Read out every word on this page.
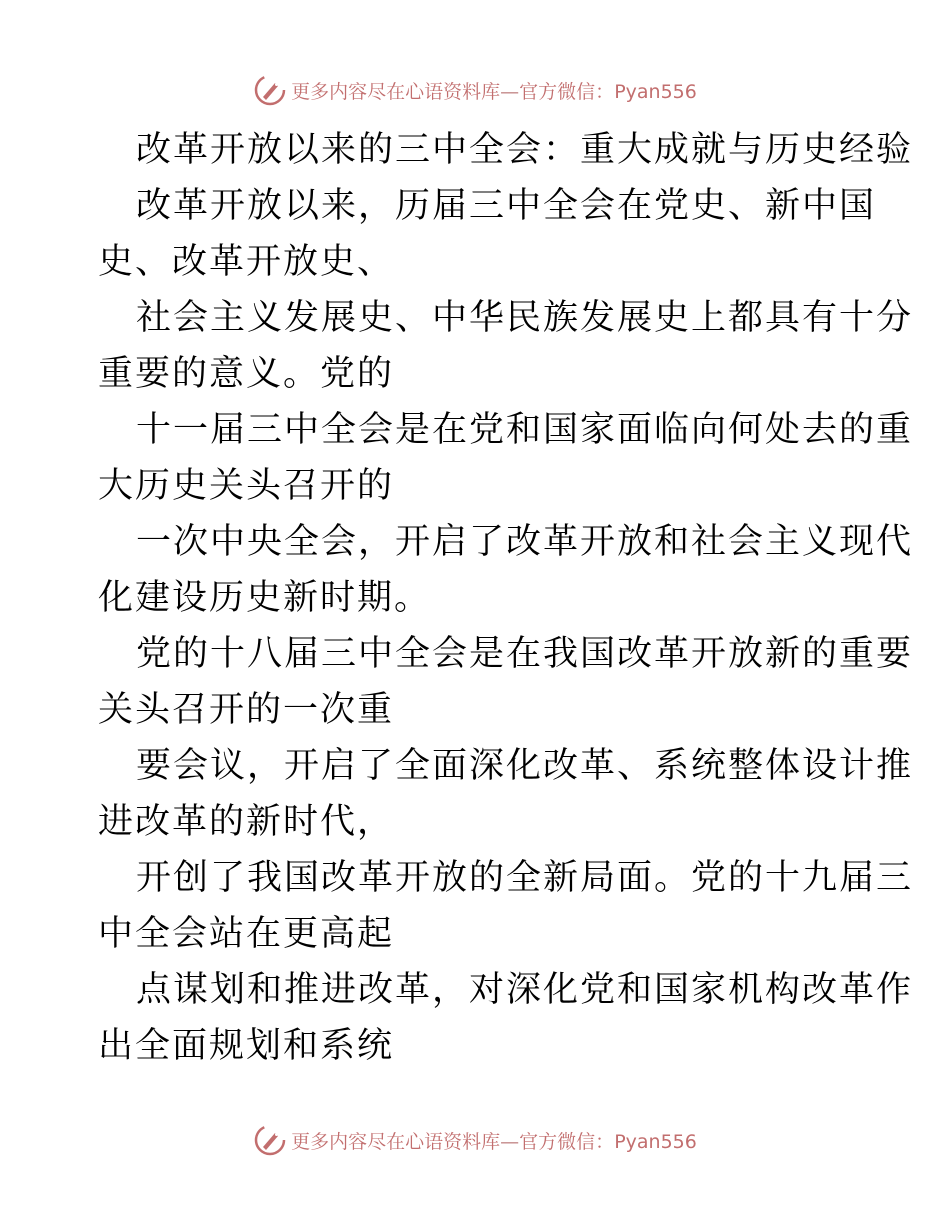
更多内容尽在心语资料库—官方微信：Pyan556

改革开放以来的三中全会：重大成就与历史经验

改革开放以来，历届三中全会在党史、新中国
史、改革开放史、

社会主义发展史、中华民族发展史上都具有十分
重要的意义。党的

十一届三中全会是在党和国家面临向何处去的重
大历史关头召开的

一次中央全会，开启了改革开放和社会主义现代
化建设历史新时期。

党的十八届三中全会是在我国改革开放新的重要
关头召开的一次重

要会议，开启了全面深化改革、系统整体设计推
进改革的新时代，

开创了我国改革开放的全新局面。党的十九届三
中全会站在更高起

点谋划和推进改革，对深化党和国家机构改革作
出全面规划和系统

更多内容尽在心语资料库—官方微信：Pyan556
